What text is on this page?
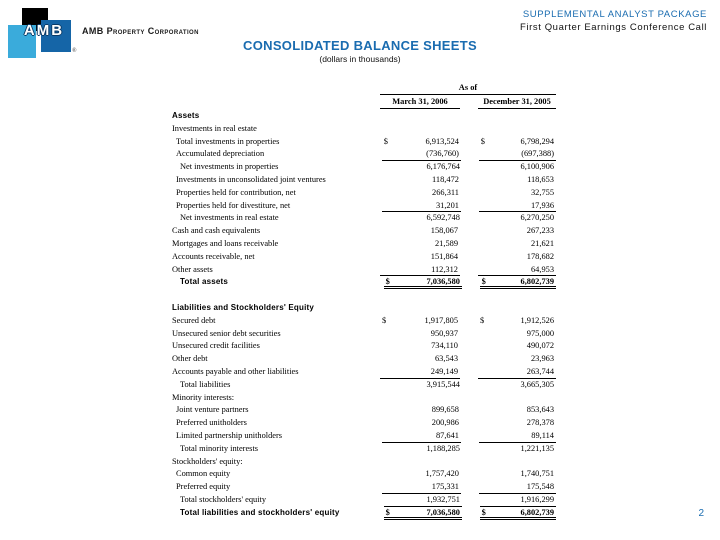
AMB
®
AMB Property Corporation
SUPPLEMENTAL ANALYST PACKAGE
First Quarter Earnings Conference Call
CONSOLIDATED BALANCE SHEETS
(dollars in thousands)
As of
March 31, 2006	December 31, 2005
Assets
Investments in real estate
Total investments in properties	$	6,913,524	$	6,798,294
Accumulated depreciation	(736,760)	(697,388)
Net investments in properties	6,176,764	6,100,906
Investments in unconsolidated joint ventures	118,472	118,653
Properties held for contribution, net	266,311	32,755
Properties held for divestiture, net	31,201	17,936
Net investments in real estate	6,592,748	6,270,250
Cash and cash equivalents	158,067	267,233
Mortgages and loans receivable	21,589	21,621
Accounts receivable, net	151,864	178,682
Other assets	112,312	64,953
Total assets	$	7,036,580	$	6,802,739
Liabilities and Stockholders' Equity
Secured debt	$	1,917,805	$	1,912,526
Unsecured senior debt securities	950,937	975,000
Unsecured credit facilities	734,110	490,072
Other debt	63,543	23,963
Accounts payable and other liabilities	249,149	263,744
Total liabilities	3,915,544	3,665,305
Minority interests:
Joint venture partners	899,658	853,643
Preferred unitholders	200,986	278,378
Limited partnership unitholders	87,641	89,114
Total minority interests	1,188,285	1,221,135
Stockholders' equity:
Common equity	1,757,420	1,740,751
Preferred equity	175,331	175,548
Total stockholders' equity	1,932,751	1,916,299
Total liabilities and stockholders' equity	$	7,036,580	$	6,802,739	2
